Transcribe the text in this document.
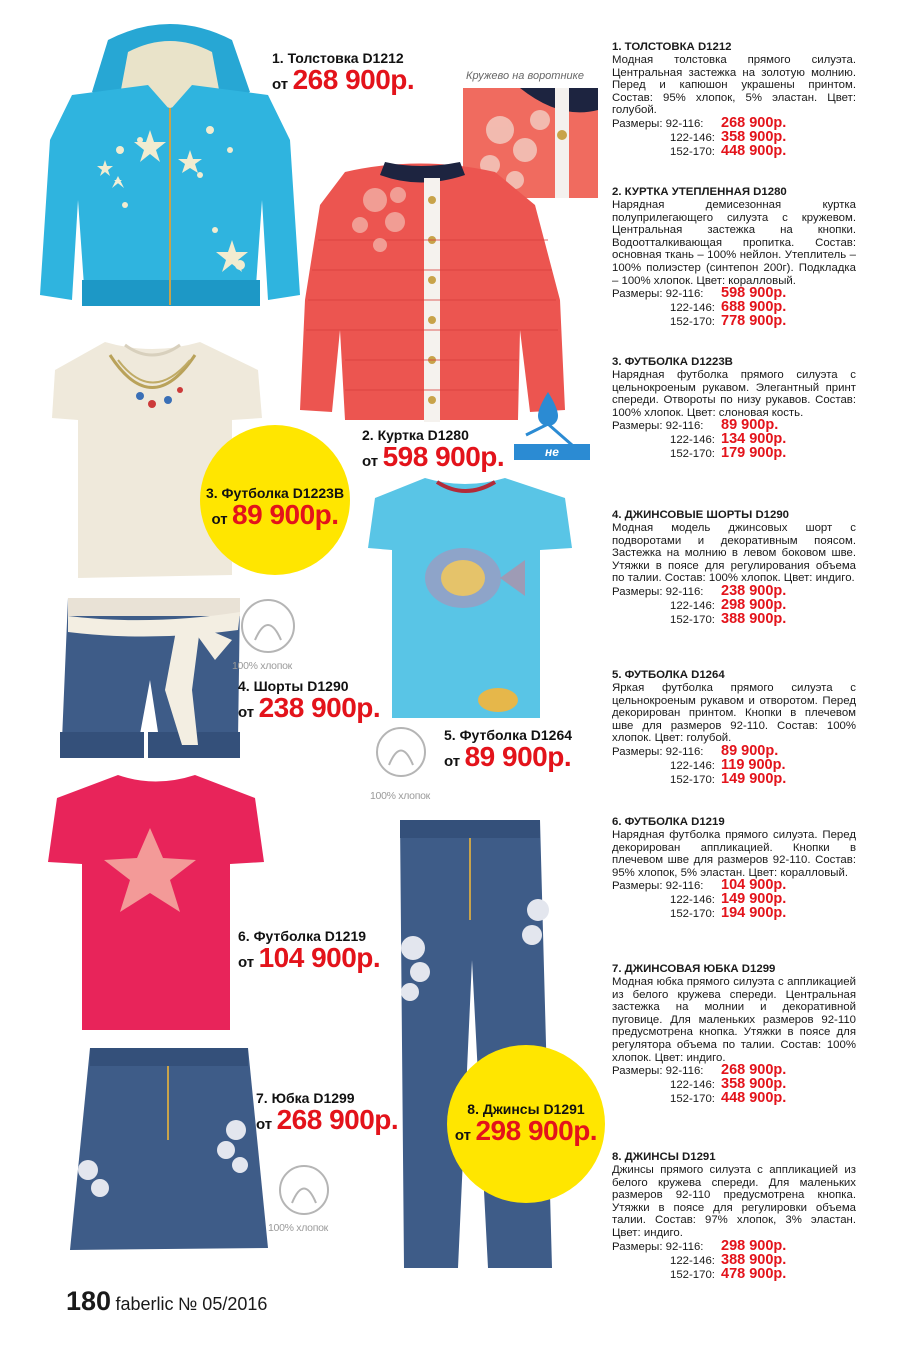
1. Толстовка D1212
от 268 900р.	Кружево на воротнике
2. Куртка D1280
от 598 900р.	не промокает
3. Футболка D1223B
от 89 900р.
100% хлопок
4. Шорты D1290
от 238 900р.
5. Футболка D1264
от 89 900р.
100% хлопок
6. Футболка D1219
от 104 900р.
7. Юбка D1299
от 268 900р.
100% хлопок
8. Джинсы D1291
от 298 900р.
1. ТОЛСТОВКА D1212
Модная толстовка прямого силуэта. Центральная застежка на золотую молнию. Перед и капюшон украшены принтом. Состав: 95% хлопок, 5% эластан. Цвет: голубой.
Размеры: 92-116: 268 900р.
122-146: 358 900р.
152-170: 448 900р.
2. КУРТКА УТЕПЛЕННАЯ D1280
Нарядная демисезонная куртка полуприлегающего силуэта с кружевом. Центральная застежка на кнопки. Водоотталкивающая пропитка. Состав: основная ткань – 100% нейлон. Утеплитель – 100% полиэстер (синтепон 200г). Подкладка – 100% хлопок. Цвет: коралловый.
Размеры: 92-116: 598 900р.
122-146: 688 900р.
152-170: 778 900р.
3. ФУТБОЛКА D1223B
Нарядная футболка прямого силуэта с цельнокроеным рукавом. Элегантный принт спереди. Отвороты по низу рукавов. Состав: 100% хлопок. Цвет: слоновая кость.
Размеры: 92-116: 89 900р.
122-146: 134 900р.
152-170: 179 900р.
4. ДЖИНСОВЫЕ ШОРТЫ D1290
Модная модель джинсовых шорт с подворотами и декоративным поясом. Застежка на молнию в левом боковом шве. Утяжки в поясе для регулирования объема по талии. Состав: 100% хлопок. Цвет: индиго.
Размеры: 92-116: 238 900р.
122-146: 298 900р.
152-170: 388 900р.
5. ФУТБОЛКА D1264
Яркая футболка прямого силуэта с цельнокроеным рукавом и отворотом. Перед декорирован принтом. Кнопки в плечевом шве для размеров 92-110. Состав: 100% хлопок. Цвет: голубой.
Размеры: 92-116: 89 900р.
122-146: 119 900р.
152-170: 149 900р.
6. ФУТБОЛКА D1219
Нарядная футболка прямого силуэта. Перед декорирован аппликацией. Кнопки в плечевом шве для размеров 92-110. Состав: 95% хлопок, 5% эластан. Цвет: коралловый.
Размеры: 92-116: 104 900р.
122-146: 149 900р.
152-170: 194 900р.
7. ДЖИНСОВАЯ ЮБКА D1299
Модная юбка прямого силуэта с аппликацией из белого кружева спереди. Центральная застежка на молнии и декоративной пуговице. Для маленьких размеров 92-110 предусмотрена кнопка. Утяжки в поясе для регулятора объема по талии. Состав: 100% хлопок. Цвет: индиго.
Размеры: 92-116: 268 900р.
122-146: 358 900р.
152-170: 448 900р.
8. ДЖИНСЫ D1291
Джинсы прямого силуэта с аппликацией из белого кружева спереди. Для маленьких размеров 92-110 предусмотрена кнопка. Утяжки в поясе для регулировки объема талии. Состав: 97% хлопок, 3% эластан. Цвет: индиго.
Размеры: 92-116: 298 900р.
122-146: 388 900р.
152-170: 478 900р.
180 faberlic № 05/2016
